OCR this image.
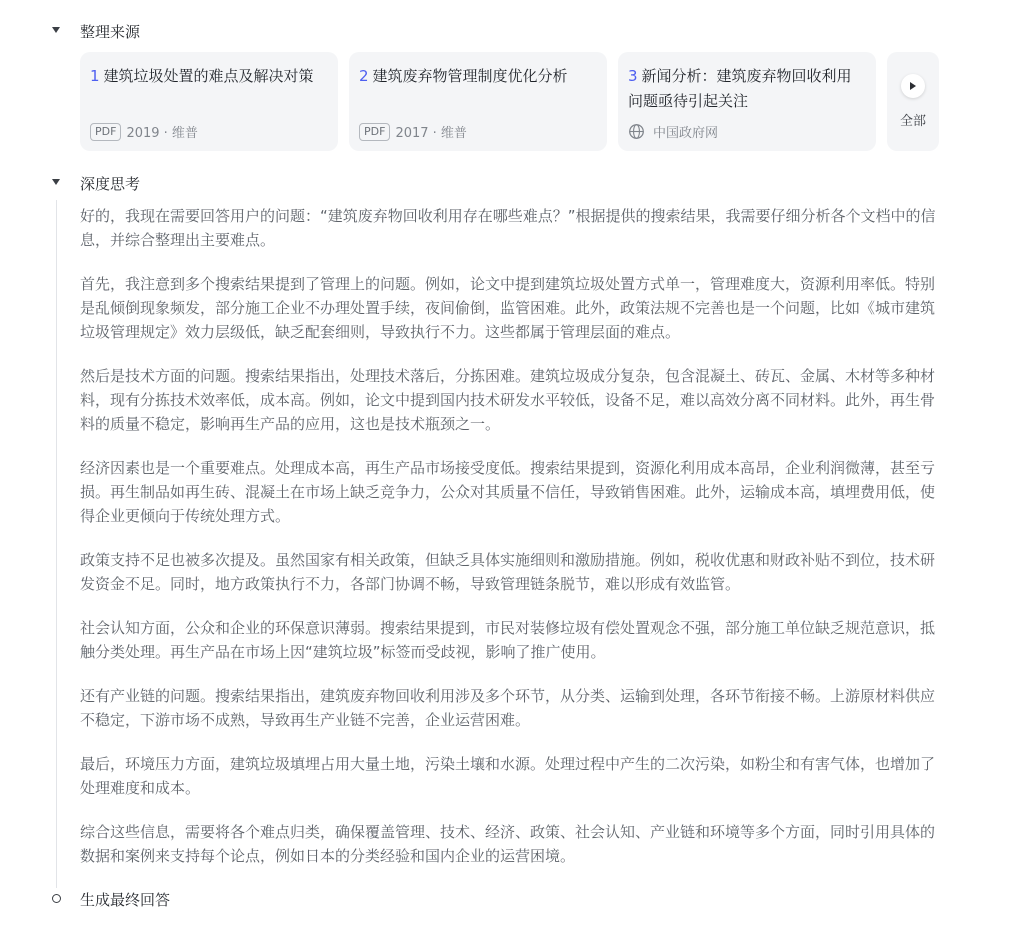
整理来源
1 建筑垃圾处置的难点及解决对策
PDF 2019 · 维普
2 建筑废弃物管理制度优化分析
PDF 2017 · 维普
3 新闻分析：建筑废弃物回收利用问题亟待引起关注
中国政府网
全部
深度思考

好的，我现在需要回答用户的问题：“建筑废弃物回收利用存在哪些难点？”根据提供的搜索结果，我需要仔细分析各个文档中的信息，并综合整理出主要难点。

首先，我注意到多个搜索结果提到了管理上的问题。例如，论文中提到建筑垃圾处置方式单一，管理难度大，资源利用率低。特别是乱倾倒现象频发，部分施工企业不办理处置手续，夜间偷倒，监管困难。此外，政策法规不完善也是一个问题，比如《城市建筑垃圾管理规定》效力层级低，缺乏配套细则，导致执行不力。这些都属于管理层面的难点。

然后是技术方面的问题。搜索结果指出，处理技术落后，分拣困难。建筑垃圾成分复杂，包含混凝土、砖瓦、金属、木材等多种材料，现有分拣技术效率低，成本高。例如，论文中提到国内技术研发水平较低，设备不足，难以高效分离不同材料。此外，再生骨料的质量不稳定，影响再生产品的应用，这也是技术瓶颈之一。

经济因素也是一个重要难点。处理成本高，再生产品市场接受度低。搜索结果提到，资源化利用成本高昂，企业利润微薄，甚至亏损。再生制品如再生砖、混凝土在市场上缺乏竞争力，公众对其质量不信任，导致销售困难。此外，运输成本高，填埋费用低，使得企业更倾向于传统处理方式。

政策支持不足也被多次提及。虽然国家有相关政策，但缺乏具体实施细则和激励措施。例如，税收优惠和财政补贴不到位，技术研发资金不足。同时，地方政策执行不力，各部门协调不畅，导致管理链条脱节，难以形成有效监管。

社会认知方面，公众和企业的环保意识薄弱。搜索结果提到，市民对装修垃圾有偿处置观念不强，部分施工单位缺乏规范意识，抵触分类处理。再生产品在市场上因“建筑垃圾”标签而受歧视，影响了推广使用。

还有产业链的问题。搜索结果指出，建筑废弃物回收利用涉及多个环节，从分类、运输到处理，各环节衔接不畅。上游原材料供应不稳定，下游市场不成熟，导致再生产业链不完善，企业运营困难。

最后，环境压力方面，建筑垃圾填埋占用大量土地，污染土壤和水源。处理过程中产生的二次污染，如粉尘和有害气体，也增加了处理难度和成本。

综合这些信息，需要将各个难点归类，确保覆盖管理、技术、经济、政策、社会认知、产业链和环境等多个方面，同时引用具体的数据和案例来支持每个论点，例如日本的分类经验和国内企业的运营困境。

生成最终回答
